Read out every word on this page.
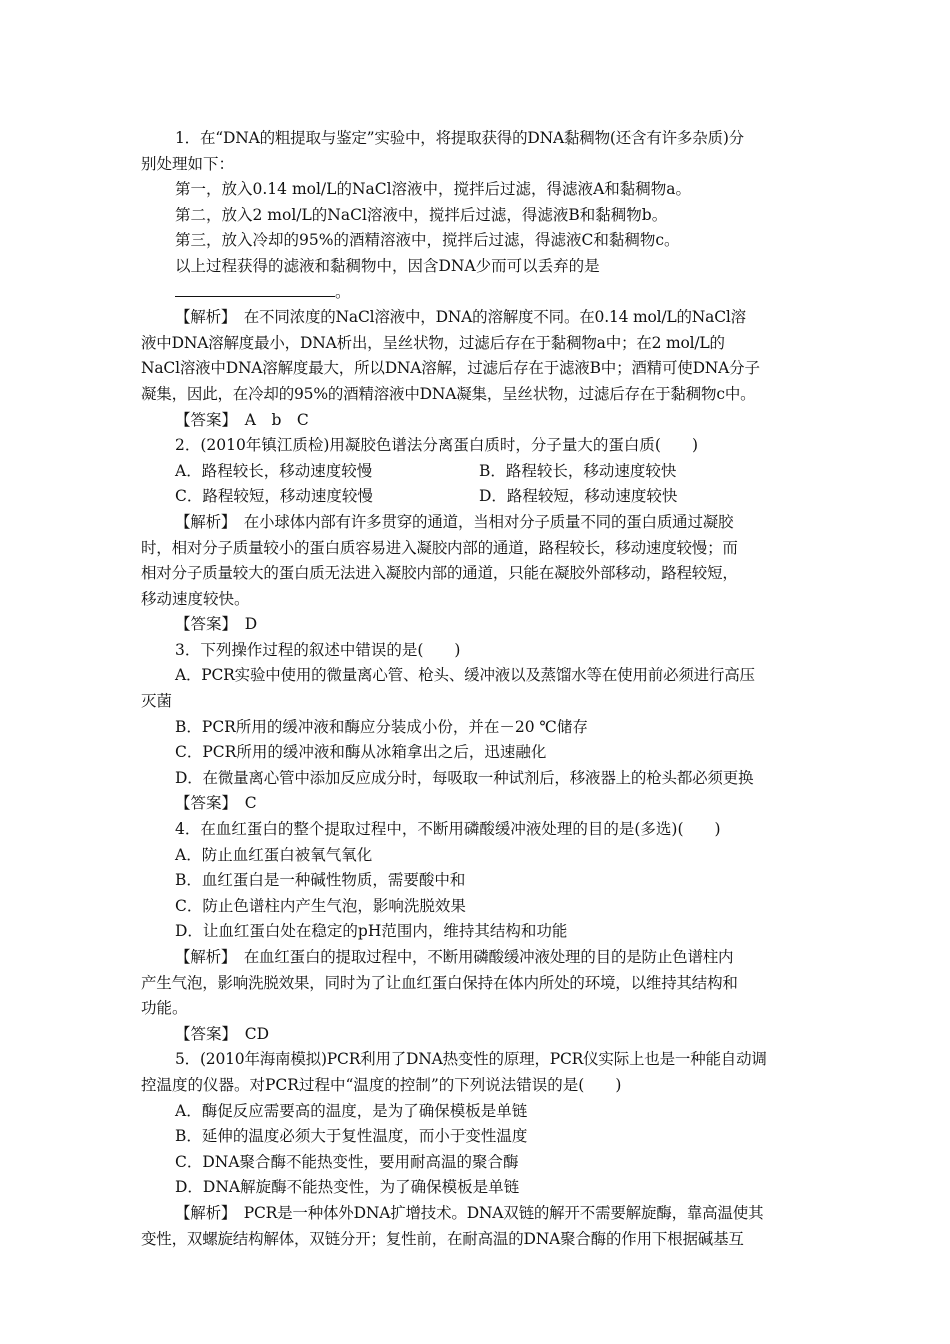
1．在“DNA的粗提取与鉴定”实验中，将提取获得的DNA黏稠物(还含有许多杂质)分
别处理如下：
第一，放入0.14 mol/L的NaCl溶液中，搅拌后过滤，得滤液A和黏稠物a。
第二，放入2 mol/L的NaCl溶液中，搅拌后过滤，得滤液B和黏稠物b。
第三，放入冷却的95%的酒精溶液中，搅拌后过滤，得滤液C和黏稠物c。
以上过程获得的滤液和黏稠物中，因含DNA少而可以丢弃的是
。
【解析】　在不同浓度的NaCl溶液中，DNA的溶解度不同。在0.14 mol/L的NaCl溶
液中DNA溶解度最小，DNA析出，呈丝状物，过滤后存在于黏稠物a中；在2 mol/L的
NaCl溶液中DNA溶解度最大，所以DNA溶解，过滤后存在于滤液B中；酒精可使DNA分子
凝集，因此，在冷却的95%的酒精溶液中DNA凝集，呈丝状物，过滤后存在于黏稠物c中。
【答案】　A　b　C
2．(2010年镇江质检)用凝胶色谱法分离蛋白质时，分子量大的蛋白质(　　)
A．路程较长，移动速度较慢	B．路程较长，移动速度较快
C．路程较短，移动速度较慢	D．路程较短，移动速度较快
【解析】　在小球体内部有许多贯穿的通道，当相对分子质量不同的蛋白质通过凝胶
时，相对分子质量较小的蛋白质容易进入凝胶内部的通道，路程较长，移动速度较慢；而
相对分子质量较大的蛋白质无法进入凝胶内部的通道，只能在凝胶外部移动，路程较短，
移动速度较快。
【答案】　D
3．下列操作过程的叙述中错误的是(　　)
A．PCR实验中使用的微量离心管、枪头、缓冲液以及蒸馏水等在使用前必须进行高压
灭菌
B．PCR所用的缓冲液和酶应分装成小份，并在－20 ℃储存
C．PCR所用的缓冲液和酶从冰箱拿出之后，迅速融化
D．在微量离心管中添加反应成分时，每吸取一种试剂后，移液器上的枪头都必须更换
【答案】　C
4．在血红蛋白的整个提取过程中，不断用磷酸缓冲液处理的目的是(多选)(　　)
A．防止血红蛋白被氧气氧化
B．血红蛋白是一种碱性物质，需要酸中和
C．防止色谱柱内产生气泡，影响洗脱效果
D．让血红蛋白处在稳定的pH范围内，维持其结构和功能
【解析】　在血红蛋白的提取过程中，不断用磷酸缓冲液处理的目的是防止色谱柱内
产生气泡，影响洗脱效果，同时为了让血红蛋白保持在体内所处的环境，以维持其结构和
功能。
【答案】　CD
5．(2010年海南模拟)PCR利用了DNA热变性的原理，PCR仪实际上也是一种能自动调
控温度的仪器。对PCR过程中“温度的控制”的下列说法错误的是(　　)
A．酶促反应需要高的温度，是为了确保模板是单链
B．延伸的温度必须大于复性温度，而小于变性温度
C．DNA聚合酶不能热变性，要用耐高温的聚合酶
D．DNA解旋酶不能热变性，为了确保模板是单链
【解析】　PCR是一种体外DNA扩增技术。DNA双链的解开不需要解旋酶，靠高温使其
变性，双螺旋结构解体，双链分开；复性前，在耐高温的DNA聚合酶的作用下根据碱基互
